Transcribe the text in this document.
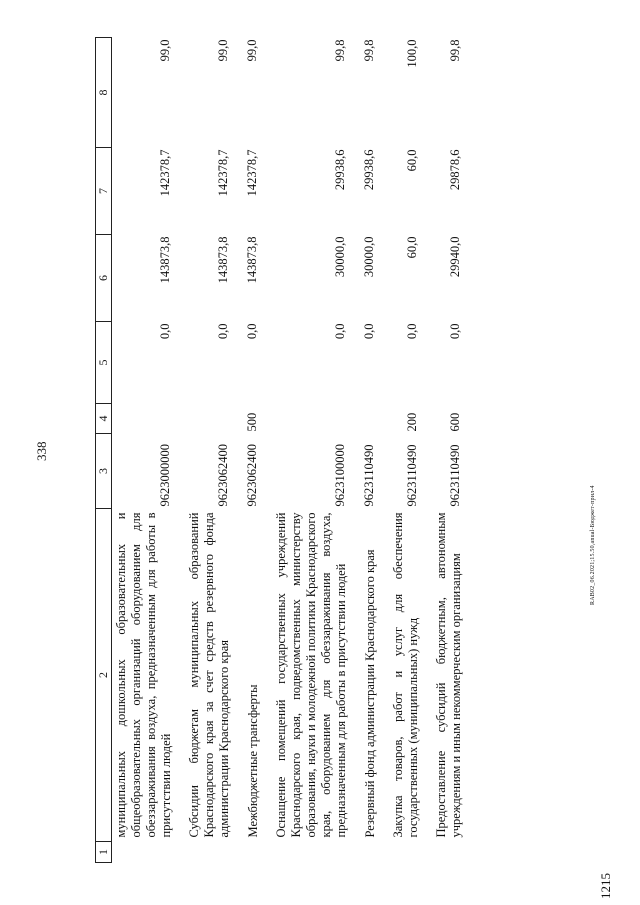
338
1	2	3	4	5	6	7	8
	муниципальных дошкольных образовательных и общеобразовательных организаций оборудованием для обеззараживания воздуха, предназначенным для работы в присутствии людей	9623000000		0,0	143873,8	142378,7	99,0
	Субсидии бюджетам муниципальных образований Краснодарского края за счет средств резервного фонда администрации Краснодарского края	9623062400		0,0	143873,8	142378,7	99,0
	Межбюджетные трансферты	9623062400	500	0,0	143873,8	142378,7	99,0
	Оснащение помещений государственных учреждений Краснодарского края, подведомственных министерству образования, науки и молодежной политики Краснодарского края, оборудованием для обеззараживания воздуха, предназначенным для работы в присутствии людей	9623100000		0,0	30000,0	29938,6	99,8
	Резервный фонд администрации Краснодарского края	9623110490		0,0	30000,0	29938,6	99,8
	Закупка товаров, работ и услуг для обеспечения государственных (муниципальных) нужд	9623110490	200	0,0	60,0	60,0	100,0
	Предоставление субсидий бюджетным, автономным учреждениям и иным некоммерческим организациям	9623110490	600	0,0	29940,0	29878,6	99,8
1215
RAB02_06.2021;15.50,anual-Бюджет-прил-4
